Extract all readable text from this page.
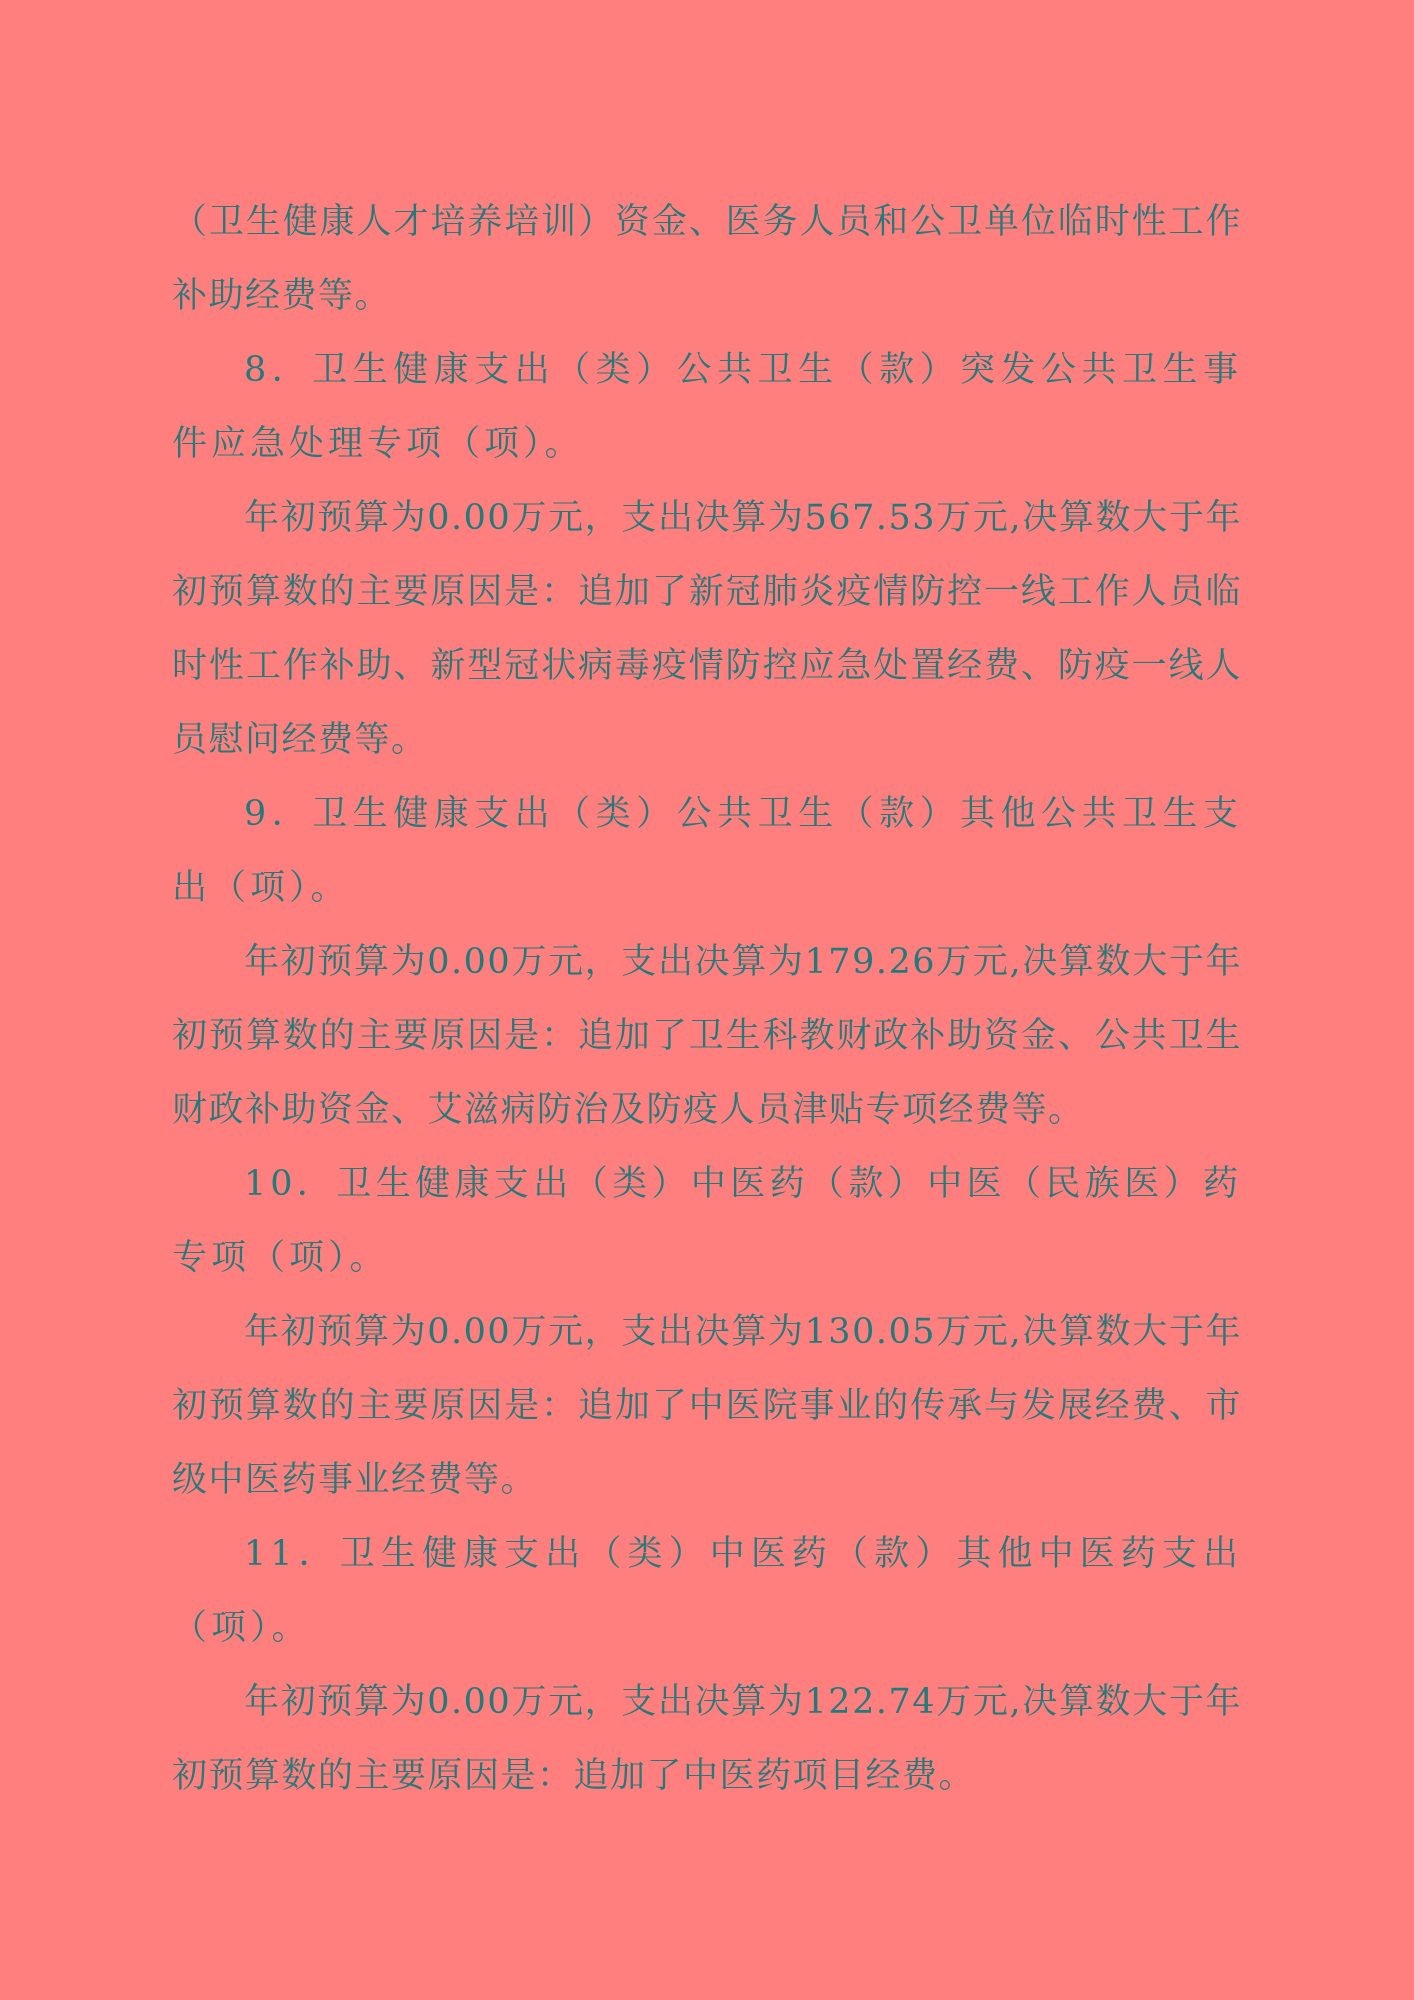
（卫生健康人才培养培训）资金、医务人员和公卫单位临时性工作补助经费等。

8．卫生健康支出（类）公共卫生（款）突发公共卫生事件应急处理专项（项）。

年初预算为0.00万元，支出决算为567.53万元,决算数大于年初预算数的主要原因是：追加了新冠肺炎疫情防控一线工作人员临时性工作补助、新型冠状病毒疫情防控应急处置经费、防疫一线人员慰问经费等。

9．卫生健康支出（类）公共卫生（款）其他公共卫生支出（项）。

年初预算为0.00万元，支出决算为179.26万元,决算数大于年初预算数的主要原因是：追加了卫生科教财政补助资金、公共卫生财政补助资金、艾滋病防治及防疫人员津贴专项经费等。

10．卫生健康支出（类）中医药（款）中医（民族医）药专项（项）。

年初预算为0.00万元，支出决算为130.05万元,决算数大于年初预算数的主要原因是：追加了中医院事业的传承与发展经费、市级中医药事业经费等。

11．卫生健康支出（类）中医药（款）其他中医药支出（项）。

年初预算为0.00万元，支出决算为122.74万元,决算数大于年初预算数的主要原因是：追加了中医药项目经费。
